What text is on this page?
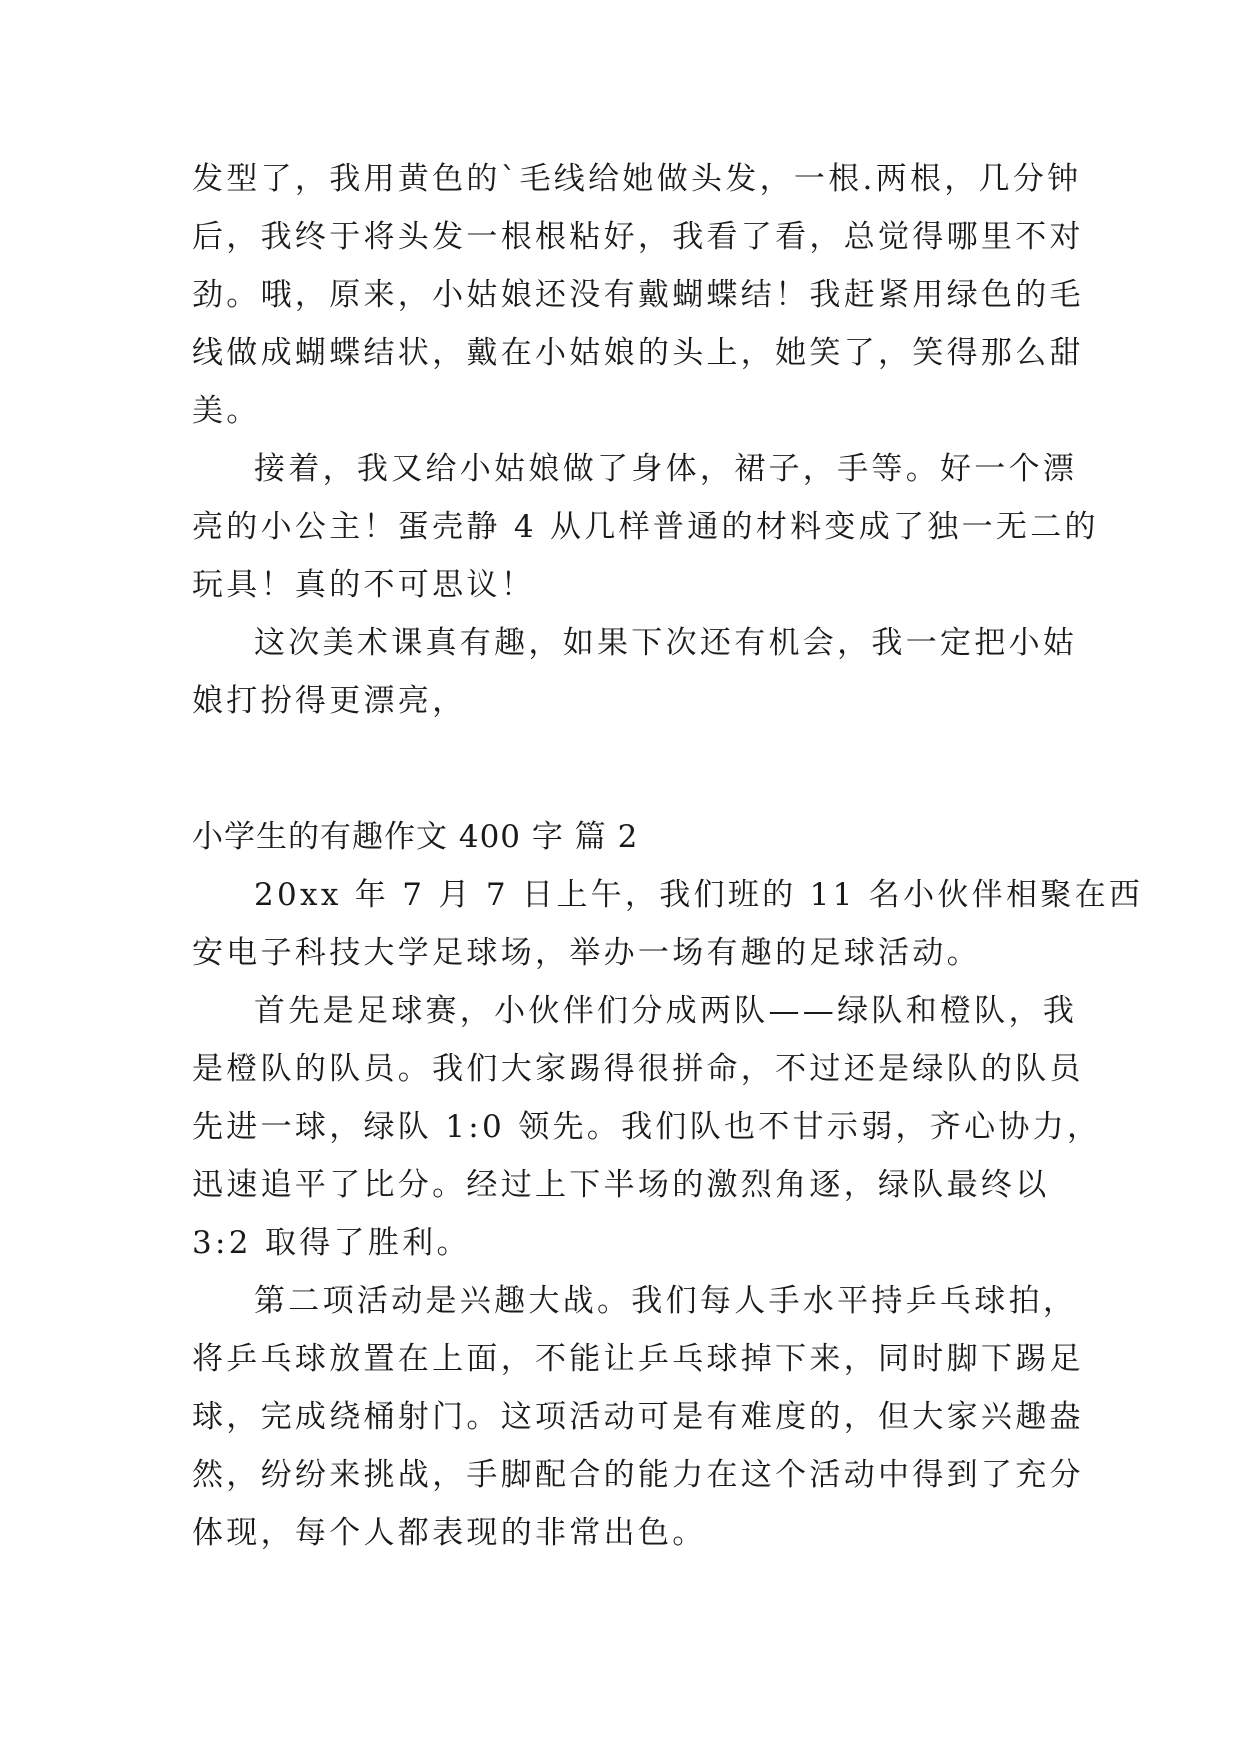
发型了，我用黄色的`毛线给她做头发，一根.两根，几分钟
后，我终于将头发一根根粘好，我看了看，总觉得哪里不对
劲。哦，原来，小姑娘还没有戴蝴蝶结！我赶紧用绿色的毛
线做成蝴蝶结状，戴在小姑娘的头上，她笑了，笑得那么甜
美。
接着，我又给小姑娘做了身体，裙子，手等。好一个漂
亮的小公主！蛋壳静 4 从几样普通的材料变成了独一无二的
玩具！真的不可思议！
这次美术课真有趣，如果下次还有机会，我一定把小姑
娘打扮得更漂亮，
小学生的有趣作文 400 字 篇 2
20xx 年 7 月 7 日上午，我们班的 11 名小伙伴相聚在西
安电子科技大学足球场，举办一场有趣的足球活动。
首先是足球赛，小伙伴们分成两队——绿队和橙队，我
是橙队的队员。我们大家踢得很拼命，不过还是绿队的队员
先进一球，绿队 1:0 领先。我们队也不甘示弱，齐心协力，
迅速追平了比分。经过上下半场的激烈角逐，绿队最终以
3:2 取得了胜利。
第二项活动是兴趣大战。我们每人手水平持乒乓球拍，
将乒乓球放置在上面，不能让乒乓球掉下来，同时脚下踢足
球，完成绕桶射门。这项活动可是有难度的，但大家兴趣盎
然，纷纷来挑战，手脚配合的能力在这个活动中得到了充分
体现，每个人都表现的非常出色。
